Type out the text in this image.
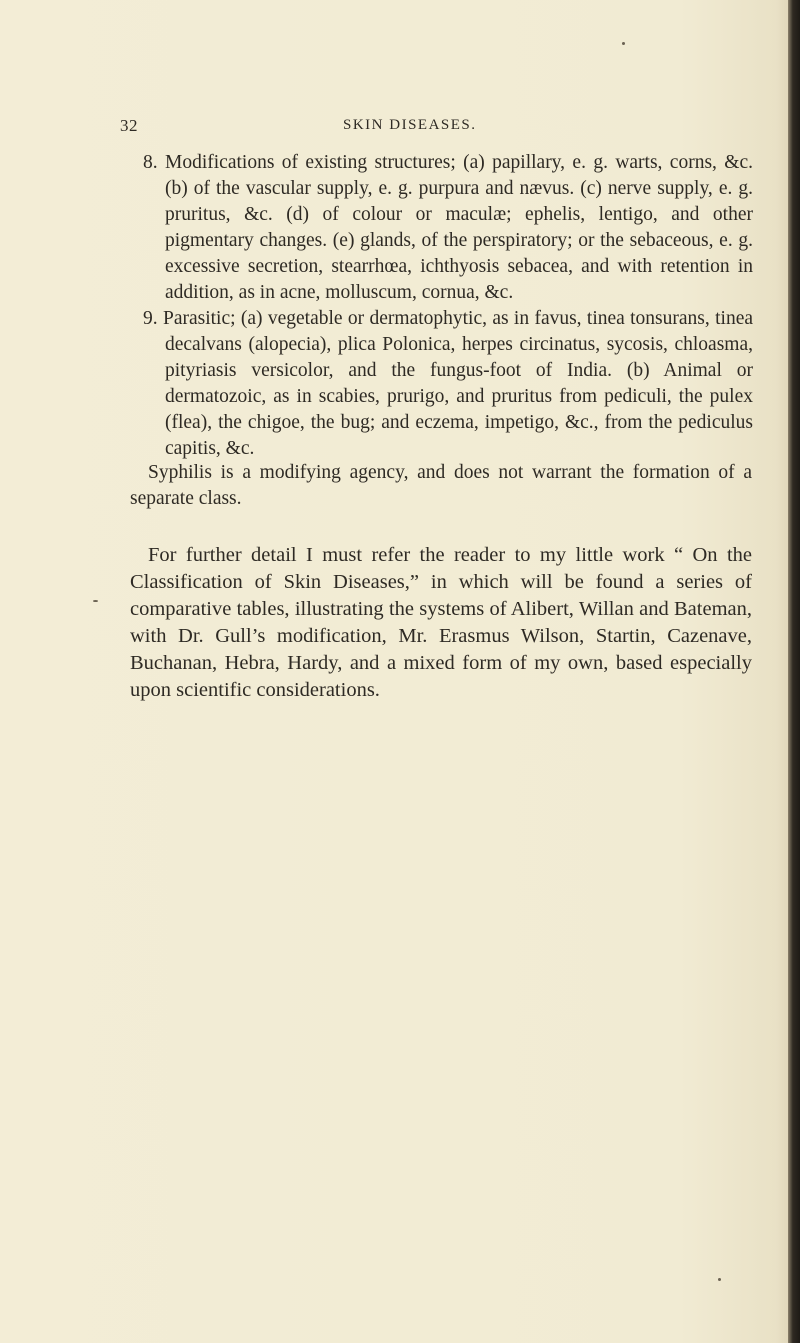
32	SKIN DISEASES.

8. Modifications of existing structures; (a) papillary, e. g. warts, corns, &c. (b) of the vascular supply, e. g. purpura and nævus. (c) nerve supply, e. g. pruritus, &c. (d) of colour or maculæ; ephelis, lentigo, and other pigmentary changes. (e) glands, of the perspiratory; or the sebaceous, e. g. excessive secretion, stearrhœa, ichthyosis sebacea, and with retention in addition, as in acne, molluscum, cornua, &c.

9. Parasitic; (a) vegetable or dermatophytic, as in favus, tinea tonsurans, tinea decalvans (alopecia), plica Polonica, herpes circinatus, sycosis, chloasma, pityriasis versicolor, and the fungus-foot of India. (b) Animal or dermatozoic, as in scabies, prurigo, and pruritus from pediculi, the pulex (flea), the chigoe, the bug; and eczema, impetigo, &c., from the pediculus capitis, &c.

Syphilis is a modifying agency, and does not warrant the formation of a separate class.

For further detail I must refer the reader to my little work “ On the Classification of Skin Diseases,” in which will be found a series of comparative tables, illustrating the systems of Alibert, Willan and Bateman, with Dr. Gull’s modification, Mr. Erasmus Wilson, Startin, Cazenave, Buchanan, Hebra, Hardy, and a mixed form of my own, based especially upon scientific considerations.
